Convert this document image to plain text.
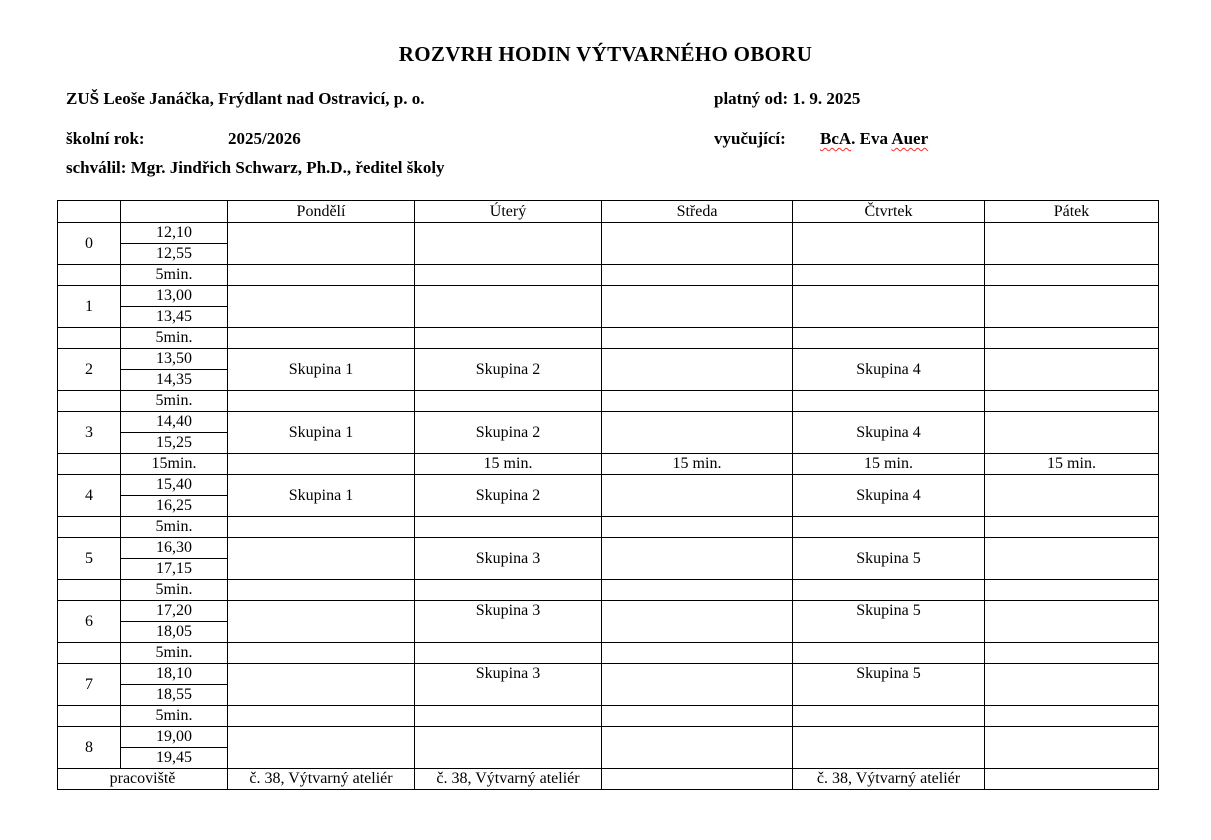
ROZVRH HODIN VÝTVARNÉHO OBORU
ZUŠ Leoše Janáčka, Frýdlant nad Ostravicí, p. o.	platný od: 1. 9. 2025
školní rok:	2025/2026	vyučující: BcA. Eva Auer
schválil: Mgr. Jindřich Schwarz, Ph.D., ředitel školy
		Pondělí	Úterý	Středa	Čtvrtek	Pátek
0	12,10					
	12,55					
	5min.					
1	13,00					
	13,45					
	5min.					
2	13,50	Skupina 1	Skupina 2		Skupina 4	
	14,35					
	5min.					
3	14,40	Skupina 1	Skupina 2		Skupina 4	
	15,25					
	15min.		15 min.	15 min.	15 min.	15 min.
4	15,40	Skupina 1	Skupina 2		Skupina 4	
	16,25					
	5min.					
5	16,30		Skupina 3		Skupina 5	
	17,15					
	5min.					
6	17,20		Skupina 3		Skupina 5	
	18,05					
	5min.					
7	18,10		Skupina 3		Skupina 5	
	18,55					
	5min.					
8	19,00					
	19,45					
pracoviště		č. 38, Výtvarný ateliér	č. 38, Výtvarný ateliér		č. 38, Výtvarný ateliér	
